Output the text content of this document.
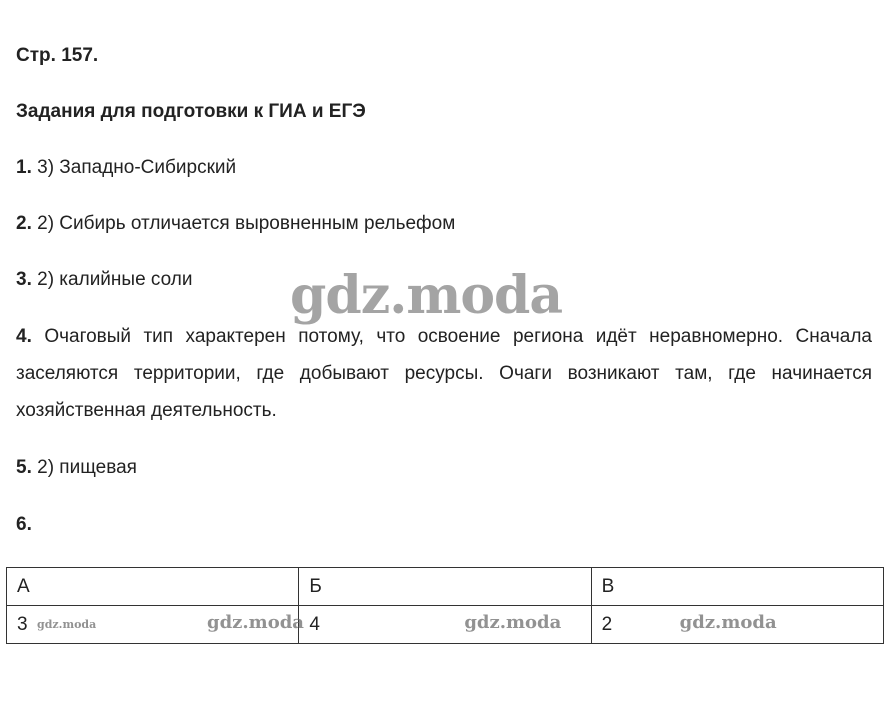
Стр. 157.
Задания для подготовки к ГИА и ЕГЭ
1. 3) Западно-Сибирский
2. 2) Сибирь отличается выровненным рельефом
3. 2) калийные соли
4. Очаговый тип характерен потому, что освоение региона идёт неравномерно. Сначала заселяются территории, где добывают ресурсы. Очаги возникают там, где начинается хозяйственная деятельность.
5. 2) пищевая
6.
gdz.moda
А	Б	В
3 gdz.moda gdz.moda	4 gdz.moda	2 gdz.moda
